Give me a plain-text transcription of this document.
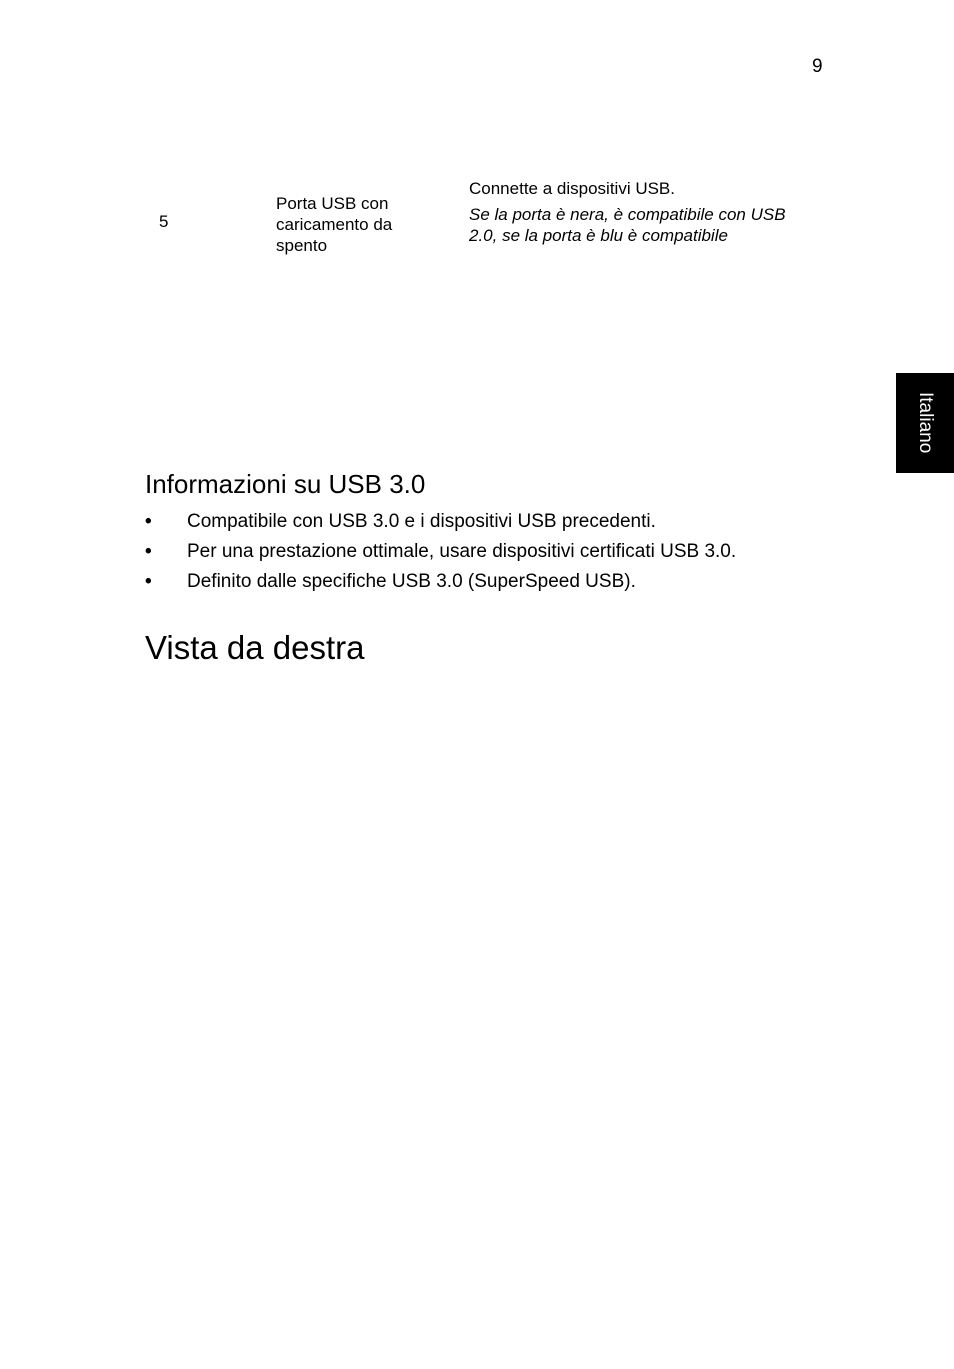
9
5
Porta USB con caricamento da spento
Connette a dispositivi USB.
Se la porta è nera, è compatibile con USB 2.0, se la porta è blu è compatibile
Italiano
Informazioni su USB 3.0
• Compatibile con USB 3.0 e i dispositivi USB precedenti.
• Per una prestazione ottimale, usare dispositivi certificati USB 3.0.
• Definito dalle specifiche USB 3.0 (SuperSpeed USB).
Vista da destra
